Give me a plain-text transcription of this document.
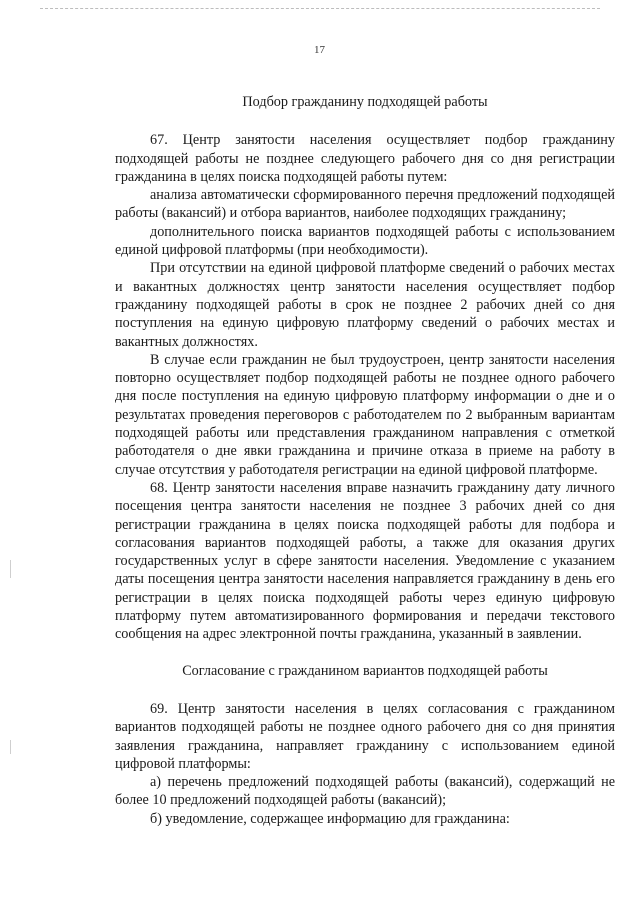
17

Подбор гражданину подходящей работы

67. Центр занятости населения осуществляет подбор гражданину подходящей работы не позднее следующего рабочего дня со дня регистрации гражданина в целях поиска подходящей работы путем:

анализа автоматически сформированного перечня предложений подходящей работы (вакансий) и отбора вариантов, наиболее подходящих гражданину;

дополнительного поиска вариантов подходящей работы с использованием единой цифровой платформы (при необходимости).

При отсутствии на единой цифровой платформе сведений о рабочих местах и вакантных должностях центр занятости населения осуществляет подбор гражданину подходящей работы в срок не позднее 2 рабочих дней со дня поступления на единую цифровую платформу сведений о рабочих местах и вакантных должностях.

В случае если гражданин не был трудоустроен, центр занятости населения повторно осуществляет подбор подходящей работы не позднее одного рабочего дня после поступления на единую цифровую платформу информации о дне и о результатах проведения переговоров с работодателем по 2 выбранным вариантам подходящей работы или представления гражданином направления с отметкой работодателя о дне явки гражданина и причине отказа в приеме на работу в случае отсутствия у работодателя регистрации на единой цифровой платформе.

68. Центр занятости населения вправе назначить гражданину дату личного посещения центра занятости населения не позднее 3 рабочих дней со дня регистрации гражданина в целях поиска подходящей работы для подбора и согласования вариантов подходящей работы, а также для оказания других государственных услуг в сфере занятости населения. Уведомление с указанием даты посещения центра занятости населения направляется гражданину в день его регистрации в целях поиска подходящей работы через единую цифровую платформу путем автоматизированного формирования и передачи текстового сообщения на адрес электронной почты гражданина, указанный в заявлении.

Согласование с гражданином вариантов подходящей работы

69. Центр занятости населения в целях согласования с гражданином вариантов подходящей работы не позднее одного рабочего дня со дня принятия заявления гражданина, направляет гражданину с использованием единой цифровой платформы:

а) перечень предложений подходящей работы (вакансий), содержащий не более 10 предложений подходящей работы (вакансий);

б) уведомление, содержащее информацию для гражданина:
